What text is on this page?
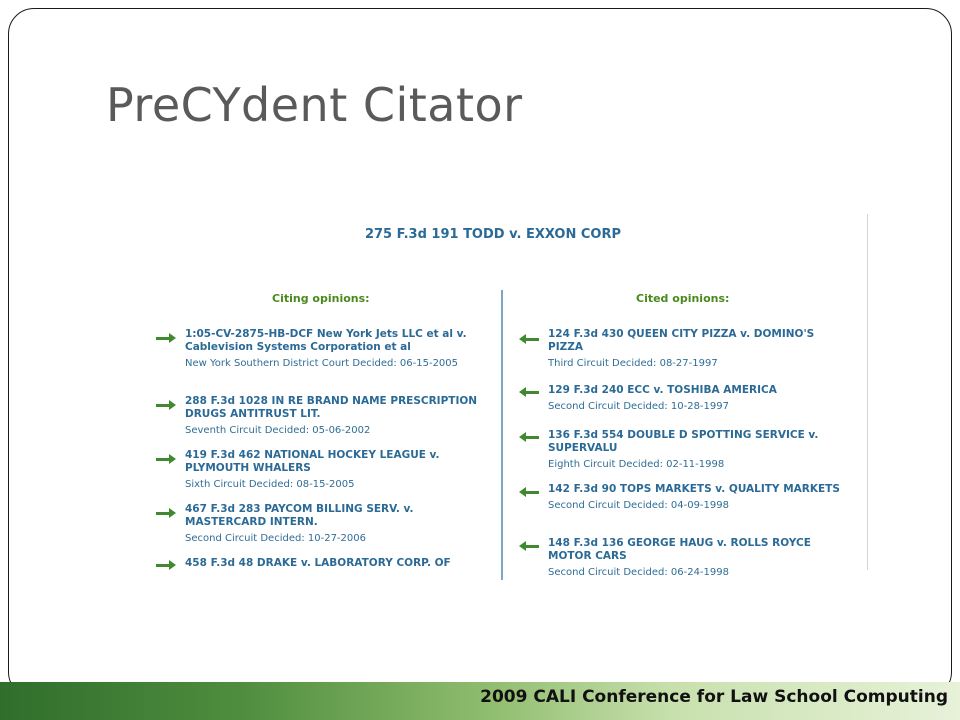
PreCYdent Citator
275 F.3d 191 TODD v. EXXON CORP
Citing opinions:	Cited opinions:
1:05-CV-2875-HB-DCF New York Jets LLC et al v. Cablevision Systems Corporation et al
New York Southern District Court Decided: 06-15-2005
288 F.3d 1028 IN RE BRAND NAME PRESCRIPTION DRUGS ANTITRUST LIT.
Seventh Circuit Decided: 05-06-2002
419 F.3d 462 NATIONAL HOCKEY LEAGUE v. PLYMOUTH WHALERS
Sixth Circuit Decided: 08-15-2005
467 F.3d 283 PAYCOM BILLING SERV. v. MASTERCARD INTERN.
Second Circuit Decided: 10-27-2006
458 F.3d 48 DRAKE v. LABORATORY CORP. OF
124 F.3d 430 QUEEN CITY PIZZA v. DOMINO'S PIZZA
Third Circuit Decided: 08-27-1997
129 F.3d 240 ECC v. TOSHIBA AMERICA
Second Circuit Decided: 10-28-1997
136 F.3d 554 DOUBLE D SPOTTING SERVICE v. SUPERVALU
Eighth Circuit Decided: 02-11-1998
142 F.3d 90 TOPS MARKETS v. QUALITY MARKETS
Second Circuit Decided: 04-09-1998
148 F.3d 136 GEORGE HAUG v. ROLLS ROYCE MOTOR CARS
Second Circuit Decided: 06-24-1998
2009 CALI Conference for Law School Computing
